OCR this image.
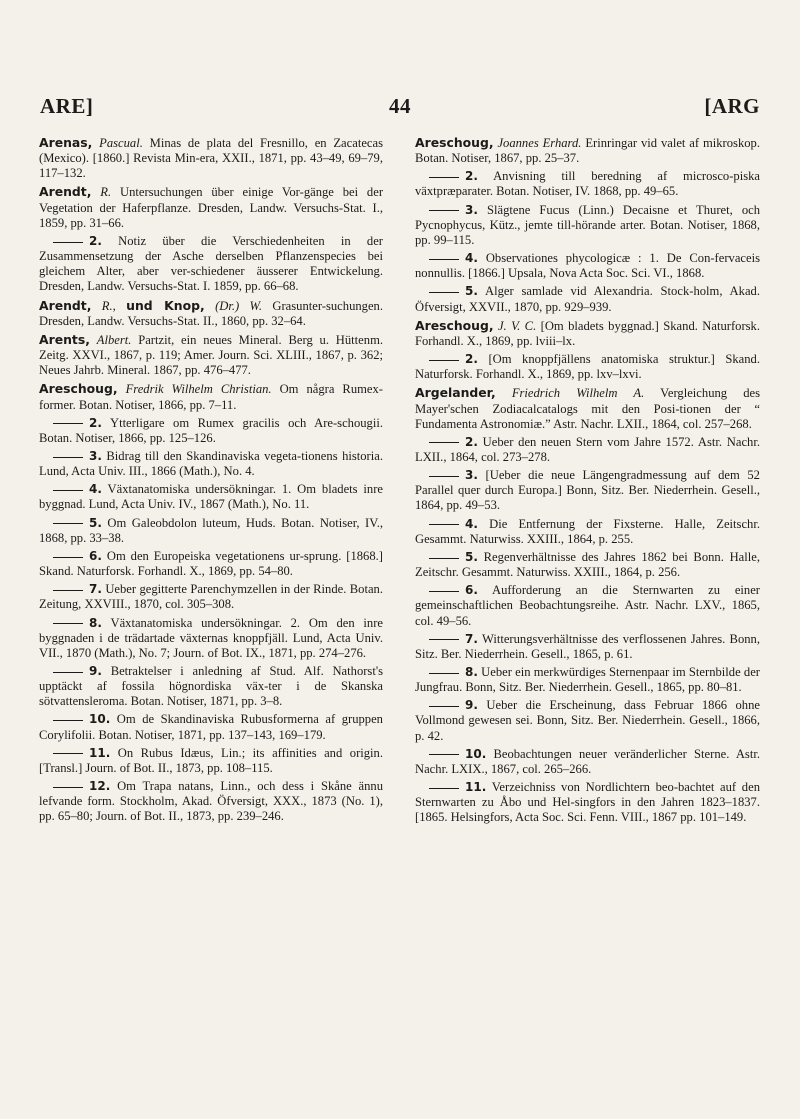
ARE]	44	[ARG

Arenas, Pascual. Minas de plata del Fresnillo, en Zacatecas (Mexico). [1860.] Revista Min-era, XXII., 1871, pp. 43–49, 69–79, 117–132.

Arendt, R. Untersuchungen über einige Vor-gänge bei der Vegetation der Haferpflanze. Dresden, Landw. Versuchs-Stat. I., 1859, pp. 31–66.

2. Notiz über die Verschiedenheiten in der Zusammensetzung der Asche derselben Pflanzenspecies bei gleichem Alter, aber ver-schiedener äusserer Entwickelung. Dresden, Landw. Versuchs-Stat. I. 1859, pp. 66–68.

Arendt, R., und Knop, (Dr.) W. Grasunter-suchungen. Dresden, Landw. Versuchs-Stat. II., 1860, pp. 32–64.

Arents, Albert. Partzit, ein neues Mineral. Berg u. Hüttenm. Zeitg. XXVI., 1867, p. 119; Amer. Journ. Sci. XLIII., 1867, p. 362; Neues Jahrb. Mineral. 1867, pp. 476–477.

Areschoug, Fredrik Wilhelm Christian. Om några Rumex-former. Botan. Notiser, 1866, pp. 7–11.

2. Ytterligare om Rumex gracilis och Are-schougii. Botan. Notiser, 1866, pp. 125–126.

3. Bidrag till den Skandinaviska vegeta-tionens historia. Lund, Acta Univ. III., 1866 (Math.), No. 4.

4. Växtanatomiska undersökningar. 1. Om bladets inre byggnad. Lund, Acta Univ. IV., 1867 (Math.), No. 11.

5. Om Galeobdolon luteum, Huds. Botan. Notiser, IV., 1868, pp. 33–38.

6. Om den Europeiska vegetationens ur-sprung. [1868.] Skand. Naturforsk. Forhandl. X., 1869, pp. 54–80.

7. Ueber gegitterte Parenchymzellen in der Rinde. Botan. Zeitung, XXVIII., 1870, col. 305–308.

8. Växtanatomiska undersökningar. 2. Om den inre byggnaden i de trädartade växternas knoppfjäll. Lund, Acta Univ. VII., 1870 (Math.), No. 7; Journ. of Bot. IX., 1871, pp. 274–276.

9. Betraktelser i anledning af Stud. Alf. Nathorst's upptäckt af fossila högnordiska väx-ter i de Skanska sötvattensleroma. Botan. Notiser, 1871, pp. 3–8.

10. Om de Skandinaviska Rubusformerna af gruppen Corylifolii. Botan. Notiser, 1871, pp. 137–143, 169–179.

11. On Rubus Idæus, Lin.; its affinities and origin. [Transl.] Journ. of Bot. II., 1873, pp. 108–115.

12. Om Trapa natans, Linn., och dess i Skåne ännu lefvande form. Stockholm, Akad. Öfversigt, XXX., 1873 (No. 1), pp. 65–80; Journ. of Bot. II., 1873, pp. 239–246.

Areschoug, Joannes Erhard. Erinringar vid valet af mikroskop. Botan. Notiser, 1867, pp. 25–37.

2. Anvisning till beredning af microsco-piska växtpræparater. Botan. Notiser, IV. 1868, pp. 49–65.

3. Slägtene Fucus (Linn.) Decaisne et Thuret, och Pycnophycus, Kütz., jemte till-hörande arter. Botan. Notiser, 1868, pp. 99–115.

4. Observationes phycologicæ : 1. De Con-fervaceis nonnullis. [1866.] Upsala, Nova Acta Soc. Sci. VI., 1868.

5. Alger samlade vid Alexandria. Stock-holm, Akad. Öfversigt, XXVII., 1870, pp. 929–939.

Areschoug, J. V. C. [Om bladets byggnad.] Skand. Naturforsk. Forhandl. X., 1869, pp. lviii–lx.

2. [Om knoppfjällens anatomiska struktur.] Skand. Naturforsk. Forhandl. X., 1869, pp. lxv–lxvi.

Argelander, Friedrich Wilhelm A. Vergleichung des Mayer'schen Zodiacalcatalogs mit den Posi-tionen der “ Fundamenta Astronomiæ.” Astr. Nachr. LXII., 1864, col. 257–268.

2. Ueber den neuen Stern vom Jahre 1572. Astr. Nachr. LXII., 1864, col. 273–278.

3. [Ueber die neue Längengradmessung auf dem 52 Parallel quer durch Europa.] Bonn, Sitz. Ber. Niederrhein. Gesell., 1864, pp. 49–53.

4. Die Entfernung der Fixsterne. Halle, Zeitschr. Gesammt. Naturwiss. XXIII., 1864, p. 255.

5. Regenverhältnisse des Jahres 1862 bei Bonn. Halle, Zeitschr. Gesammt. Naturwiss. XXIII., 1864, p. 256.

6. Aufforderung an die Sternwarten zu einer gemeinschaftlichen Beobachtungsreihe. Astr. Nachr. LXV., 1865, col. 49–56.

7. Witterungsverhältnisse des verflossenen Jahres. Bonn, Sitz. Ber. Niederrhein. Gesell., 1865, p. 61.

8. Ueber ein merkwürdiges Sternenpaar im Sternbilde der Jungfrau. Bonn, Sitz. Ber. Niederrhein. Gesell., 1865, pp. 80–81.

9. Ueber die Erscheinung, dass Februar 1866 ohne Vollmond gewesen sei. Bonn, Sitz. Ber. Niederrhein. Gesell., 1866, p. 42.

10. Beobachtungen neuer veränderlicher Sterne. Astr. Nachr. LXIX., 1867, col. 265–266.

11. Verzeichniss von Nordlichtern beo-bachtet auf den Sternwarten zu Åbo und Hel-singfors in den Jahren 1823–1837. [1865. Helsingfors, Acta Soc. Sci. Fenn. VIII., 1867 pp. 101–149.
